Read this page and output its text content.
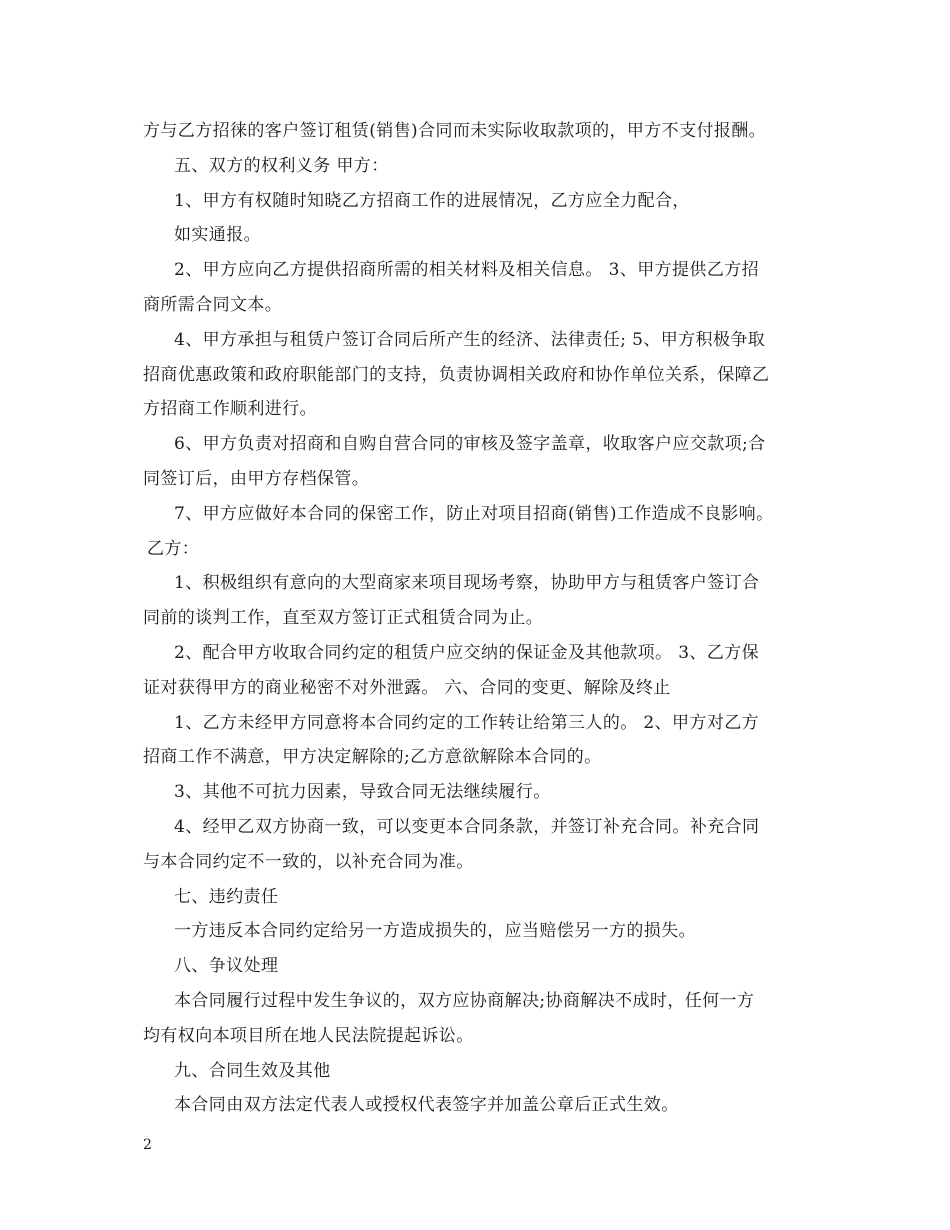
方与乙方招徕的客户签订租赁(销售)合同而未实际收取款项的，甲方不支付报酬。
五、双方的权利义务 甲方：
1、甲方有权随时知晓乙方招商工作的进展情况，乙方应全力配合，
如实通报。
2、甲方应向乙方提供招商所需的相关材料及相关信息。 3、甲方提供乙方招
商所需合同文本。
4、甲方承担与租赁户签订合同后所产生的经济、法律责任; 5、甲方积极争取
招商优惠政策和政府职能部门的支持，负责协调相关政府和协作单位关系，保障乙
方招商工作顺利进行。
6、甲方负责对招商和自购自营合同的审核及签字盖章，收取客户应交款项;合
同签订后，由甲方存档保管。
7、甲方应做好本合同的保密工作，防止对项目招商(销售)工作造成不良影响。
乙方：
1、积极组织有意向的大型商家来项目现场考察，协助甲方与租赁客户签订合
同前的谈判工作，直至双方签订正式租赁合同为止。
2、配合甲方收取合同约定的租赁户应交纳的保证金及其他款项。 3、乙方保
证对获得甲方的商业秘密不对外泄露。 六、合同的变更、解除及终止
1、乙方未经甲方同意将本合同约定的工作转让给第三人的。 2、甲方对乙方
招商工作不满意，甲方决定解除的;乙方意欲解除本合同的。
3、其他不可抗力因素，导致合同无法继续履行。
4、经甲乙双方协商一致，可以变更本合同条款，并签订补充合同。补充合同
与本合同约定不一致的，以补充合同为准。
七、违约责任
一方违反本合同约定给另一方造成损失的，应当赔偿另一方的损失。
八、争议处理
本合同履行过程中发生争议的，双方应协商解决;协商解决不成时，任何一方
均有权向本项目所在地人民法院提起诉讼。
九、合同生效及其他
本合同由双方法定代表人或授权代表签字并加盖公章后正式生效。
2
